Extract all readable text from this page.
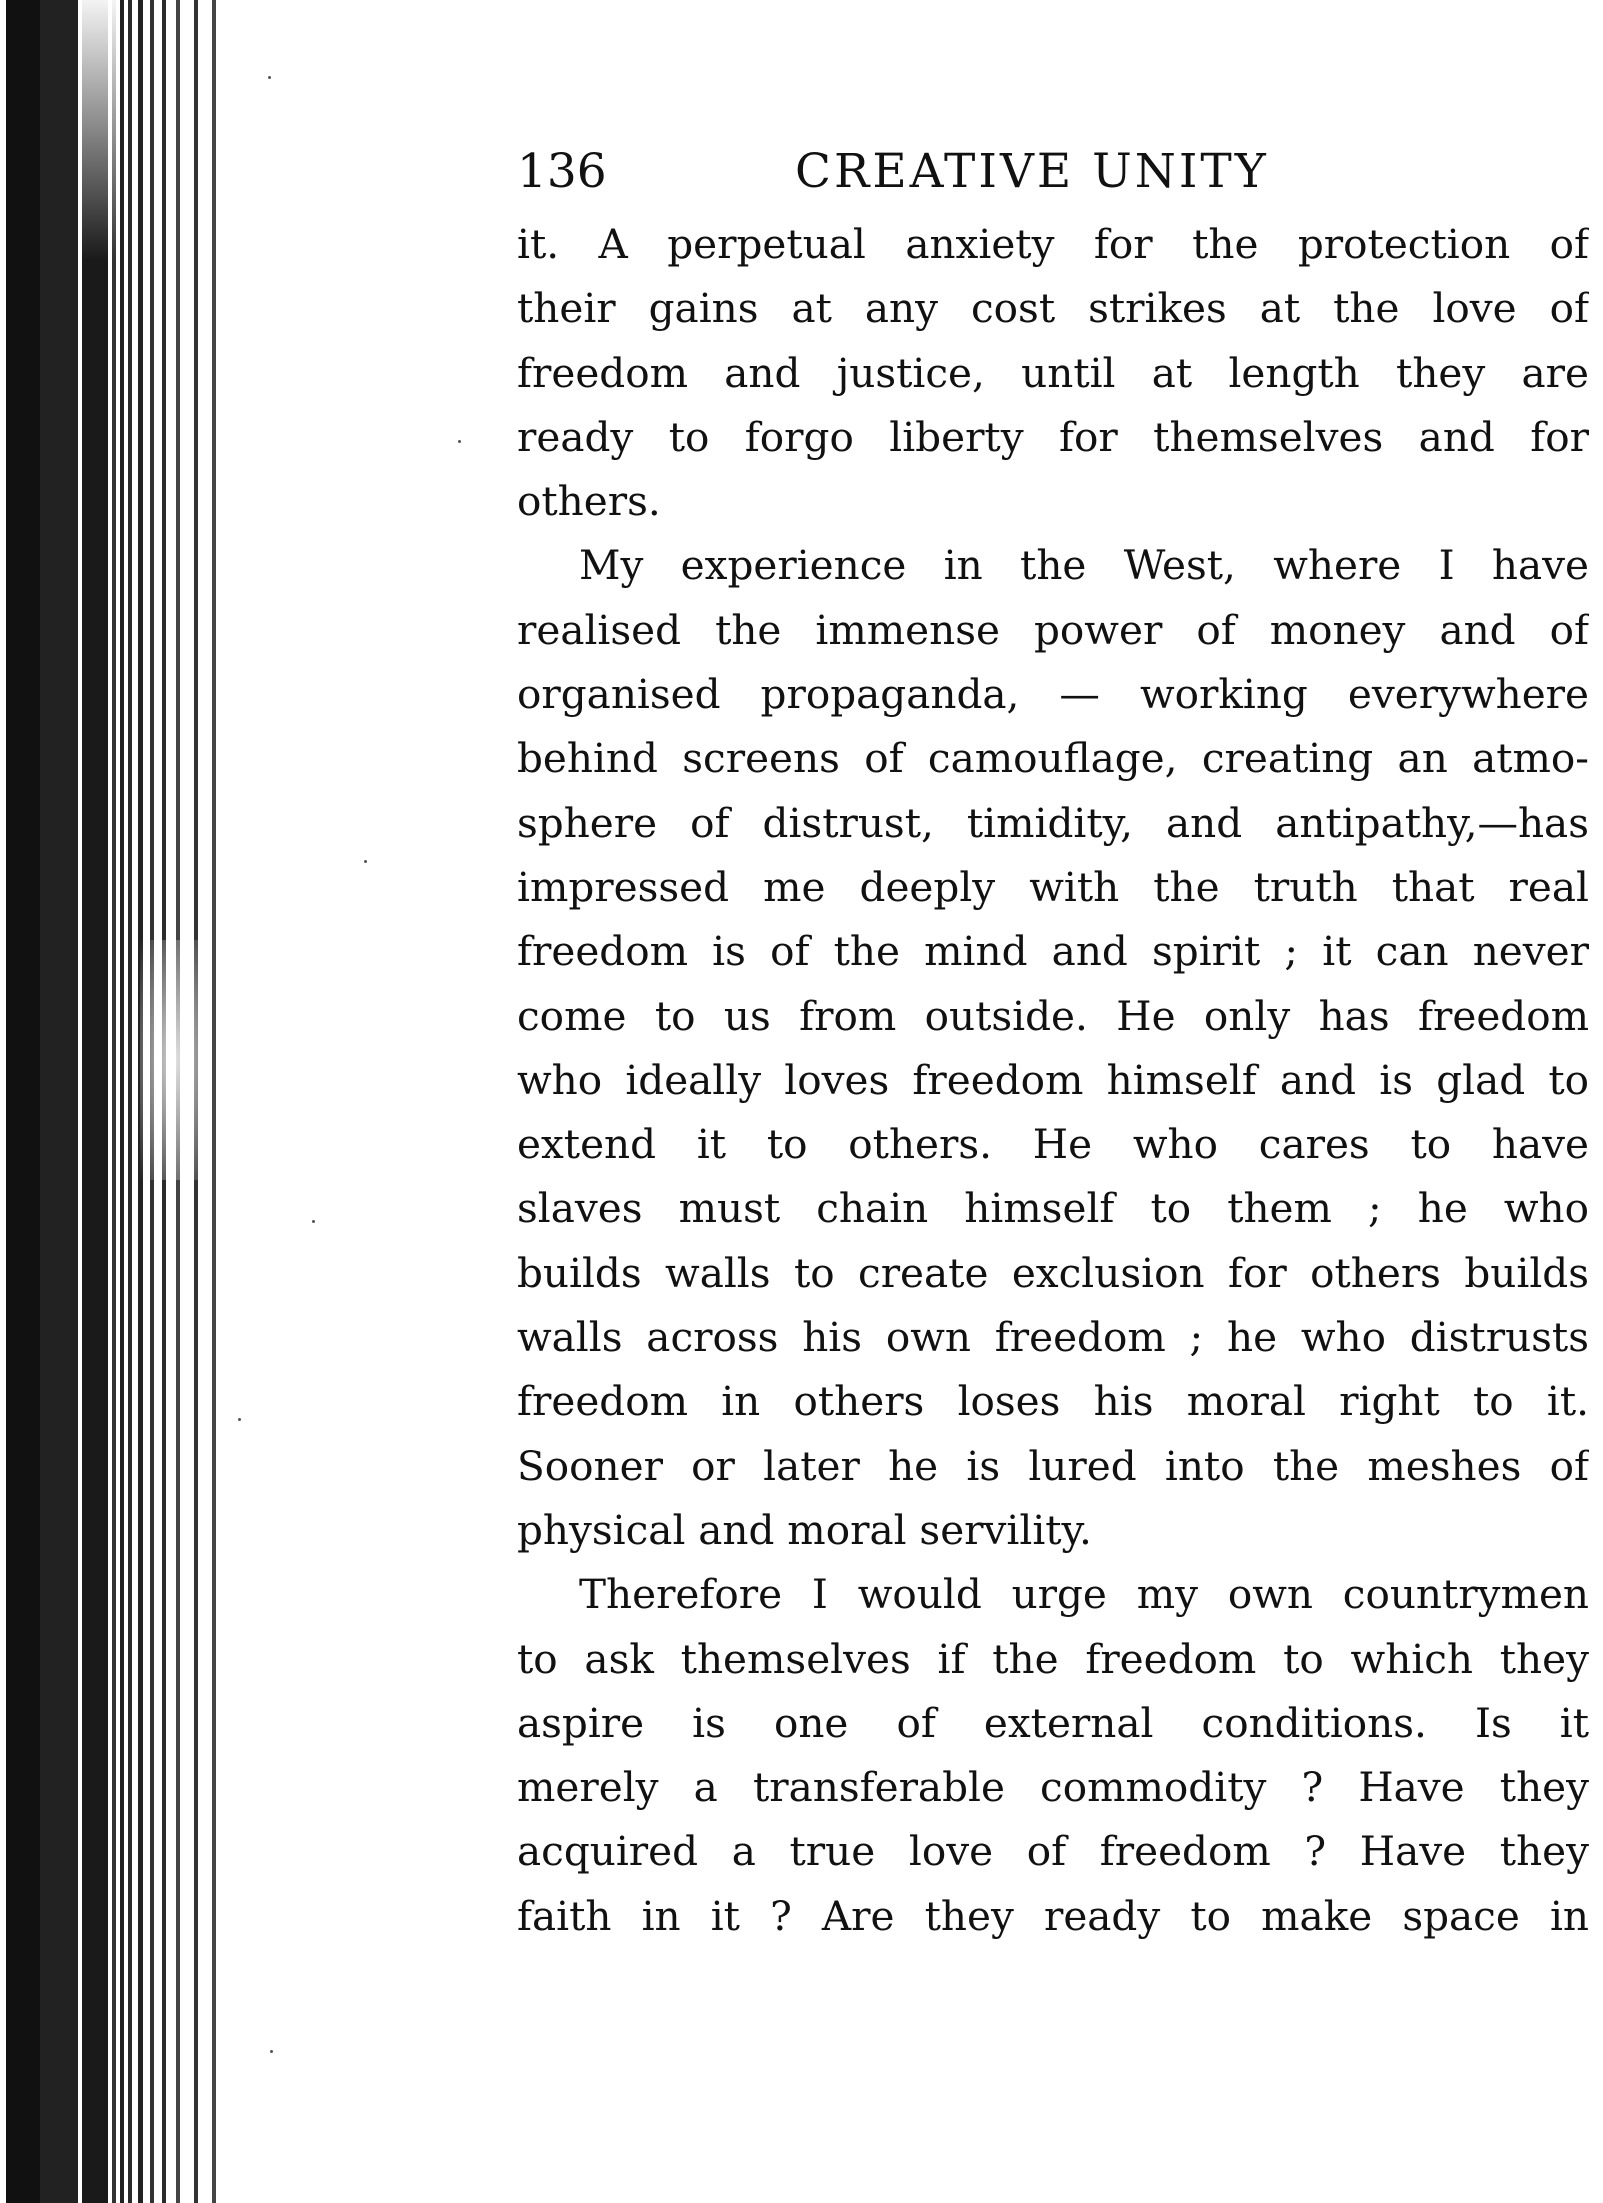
136	CREATIVE UNITY
it. A perpetual anxiety for the protection of
their gains at any cost strikes at the love of
freedom and justice, until at length they are
ready to forgo liberty for themselves and for
others.
My experience in the West, where I have
realised the immense power of money and of
organised propaganda, — working everywhere
behind screens of camouflage, creating an atmo-
sphere of distrust, timidity, and antipathy,—has
impressed me deeply with the truth that real
freedom is of the mind and spirit ; it can never
come to us from outside. He only has freedom
who ideally loves freedom himself and is glad to
extend it to others. He who cares to have
slaves must chain himself to them ; he who
builds walls to create exclusion for others builds
walls across his own freedom ; he who distrusts
freedom in others loses his moral right to it.
Sooner or later he is lured into the meshes of
physical and moral servility.
Therefore I would urge my own countrymen
to ask themselves if the freedom to which they
aspire is one of external conditions. Is it
merely a transferable commodity ? Have they
acquired a true love of freedom ? Have they
faith in it ? Are they ready to make space in
